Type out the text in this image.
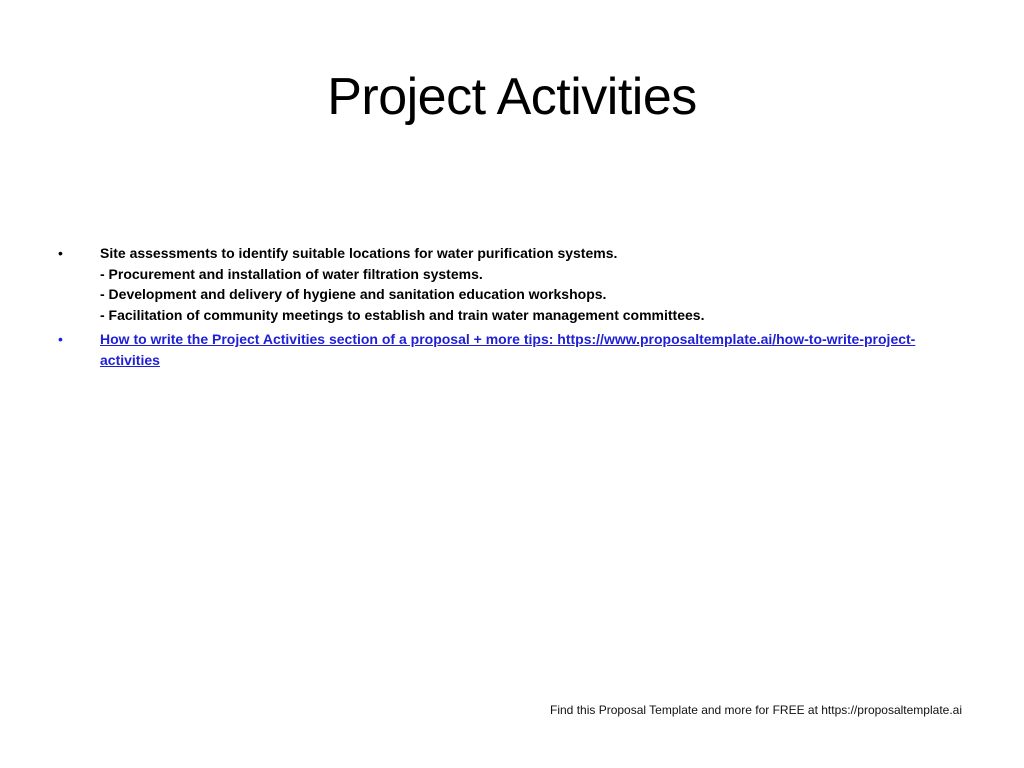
Project Activities
•	Site assessments to identify suitable locations for water purification systems.
- Procurement and installation of water filtration systems.
- Development and delivery of hygiene and sanitation education workshops.
- Facilitation of community meetings to establish and train water management committees.
•	How to write the Project Activities section of a proposal + more tips: https://www.proposaltemplate.ai/how-to-write-project-activities
Find this Proposal Template and more for FREE at https://proposaltemplate.ai
